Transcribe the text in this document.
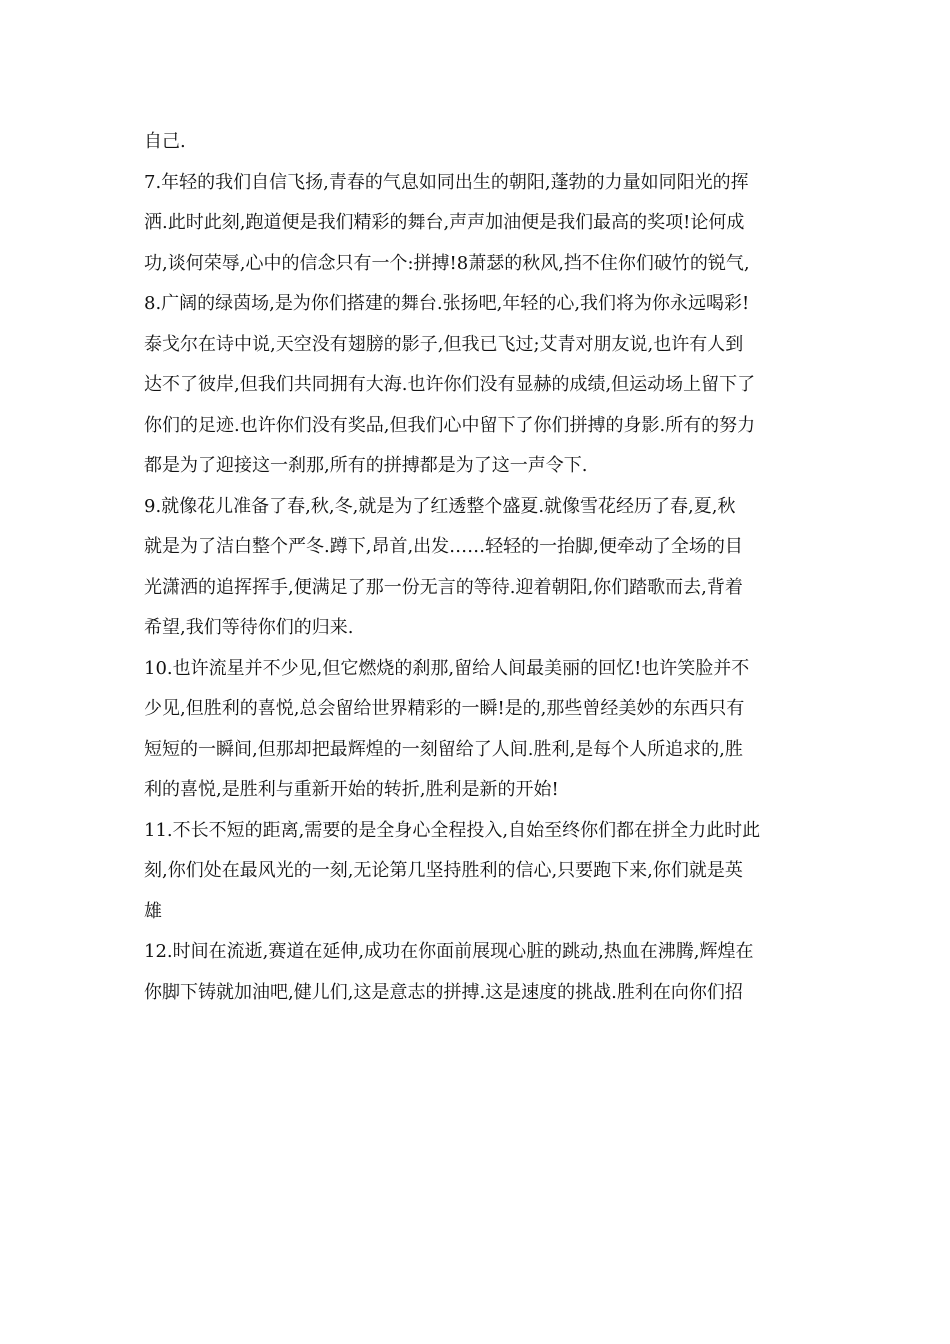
自己.
7.年轻的我们自信飞扬,青春的气息如同出生的朝阳,蓬勃的力量如同阳光的挥
洒.此时此刻,跑道便是我们精彩的舞台,声声加油便是我们最高的奖项!论何成
功,谈何荣辱,心中的信念只有一个:拼搏!8萧瑟的秋风,挡不住你们破竹的锐气,
8.广阔的绿茵场,是为你们搭建的舞台.张扬吧,年轻的心,我们将为你永远喝彩!
泰戈尔在诗中说,天空没有翅膀的影子,但我已飞过;艾青对朋友说,也许有人到
达不了彼岸,但我们共同拥有大海.也许你们没有显赫的成绩,但运动场上留下了
你们的足迹.也许你们没有奖品,但我们心中留下了你们拼搏的身影.所有的努力
都是为了迎接这一刹那,所有的拼搏都是为了这一声令下.
9.就像花儿准备了春,秋,冬,就是为了红透整个盛夏.就像雪花经历了春,夏,秋
就是为了洁白整个严冬.蹲下,昂首,出发……轻轻的一抬脚,便牵动了全场的目
光潇洒的追挥挥手,便满足了那一份无言的等待.迎着朝阳,你们踏歌而去,背着
希望,我们等待你们的归来.
10.也许流星并不少见,但它燃烧的刹那,留给人间最美丽的回忆!也许笑脸并不
少见,但胜利的喜悦,总会留给世界精彩的一瞬!是的,那些曾经美妙的东西只有
短短的一瞬间,但那却把最辉煌的一刻留给了人间.胜利,是每个人所追求的,胜
利的喜悦,是胜利与重新开始的转折,胜利是新的开始!
11.不长不短的距离,需要的是全身心全程投入,自始至终你们都在拼全力此时此
刻,你们处在最风光的一刻,无论第几坚持胜利的信心,只要跑下来,你们就是英
雄
12.时间在流逝,赛道在延伸,成功在你面前展现心脏的跳动,热血在沸腾,辉煌在
你脚下铸就加油吧,健儿们,这是意志的拼搏.这是速度的挑战.胜利在向你们招
